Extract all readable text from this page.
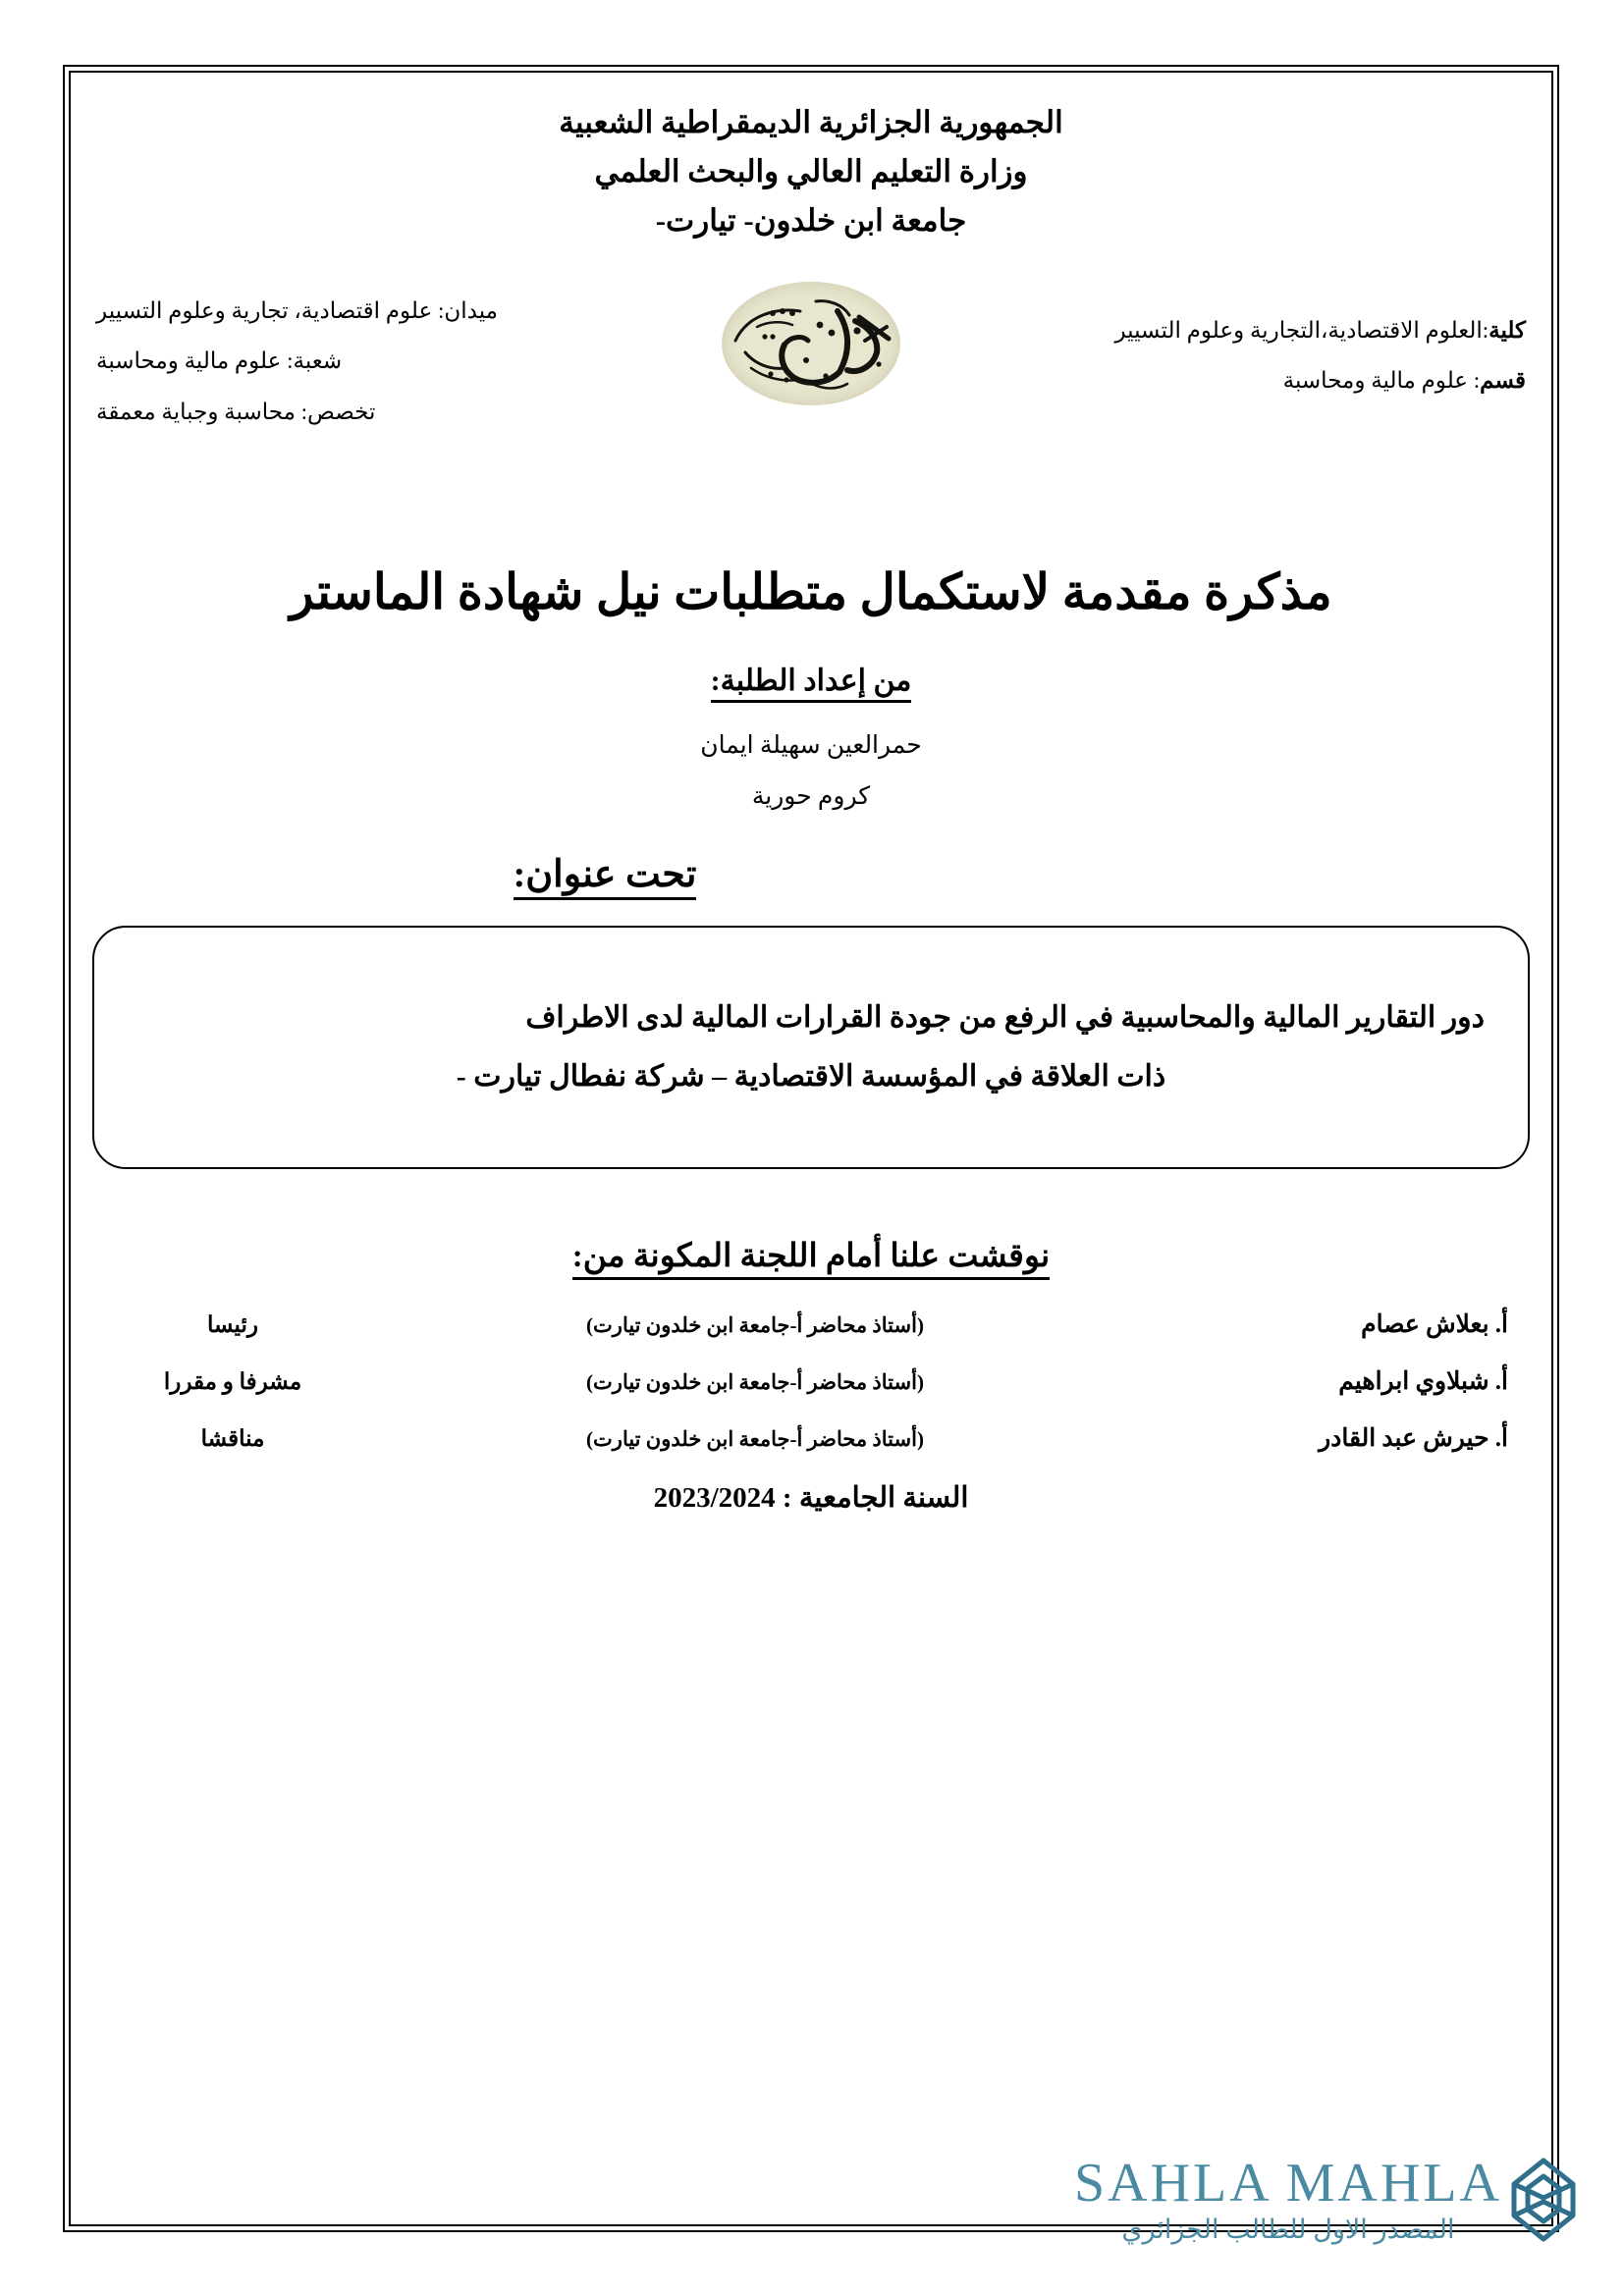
الجمهورية الجزائرية الديمقراطية الشعبية
وزارة التعليم العالي والبحث العلمي
جامعة ابن خلدون- تيارت-
كلية:العلوم الاقتصادية،التجارية وعلوم التسيير
قسم: علوم مالية ومحاسبة
ميدان: علوم اقتصادية، تجارية وعلوم التسيير
شعبة: علوم مالية ومحاسبة
تخصص: محاسبة وجباية معمقة
مذكرة مقدمة لاستكمال متطلبات نيل شهادة الماستر
من إعداد الطلبة:
حمرالعين سهيلة ايمان
كروم حورية
تحت عنوان:
دور التقارير المالية والمحاسبية في الرفع من جودة القرارات المالية لدى الاطراف
ذات العلاقة في المؤسسة الاقتصادية – شركة نفطال تيارت -
نوقشت علنا أمام اللجنة المكونة من:
أ. بعلاش عصام
(أستاذ محاضر أ-جامعة ابن خلدون تيارت)
رئيسا
أ. شبلاوي ابراهيم
(أستاذ محاضر أ-جامعة ابن خلدون تيارت)
مشرفا و مقررا
أ. حيرش عبد القادر
(أستاذ محاضر أ-جامعة ابن خلدون تيارت)
مناقشا
السنة الجامعية : 2023/2024
SAHLA MAHLA
المصدر الاول للطالب الجزائري
